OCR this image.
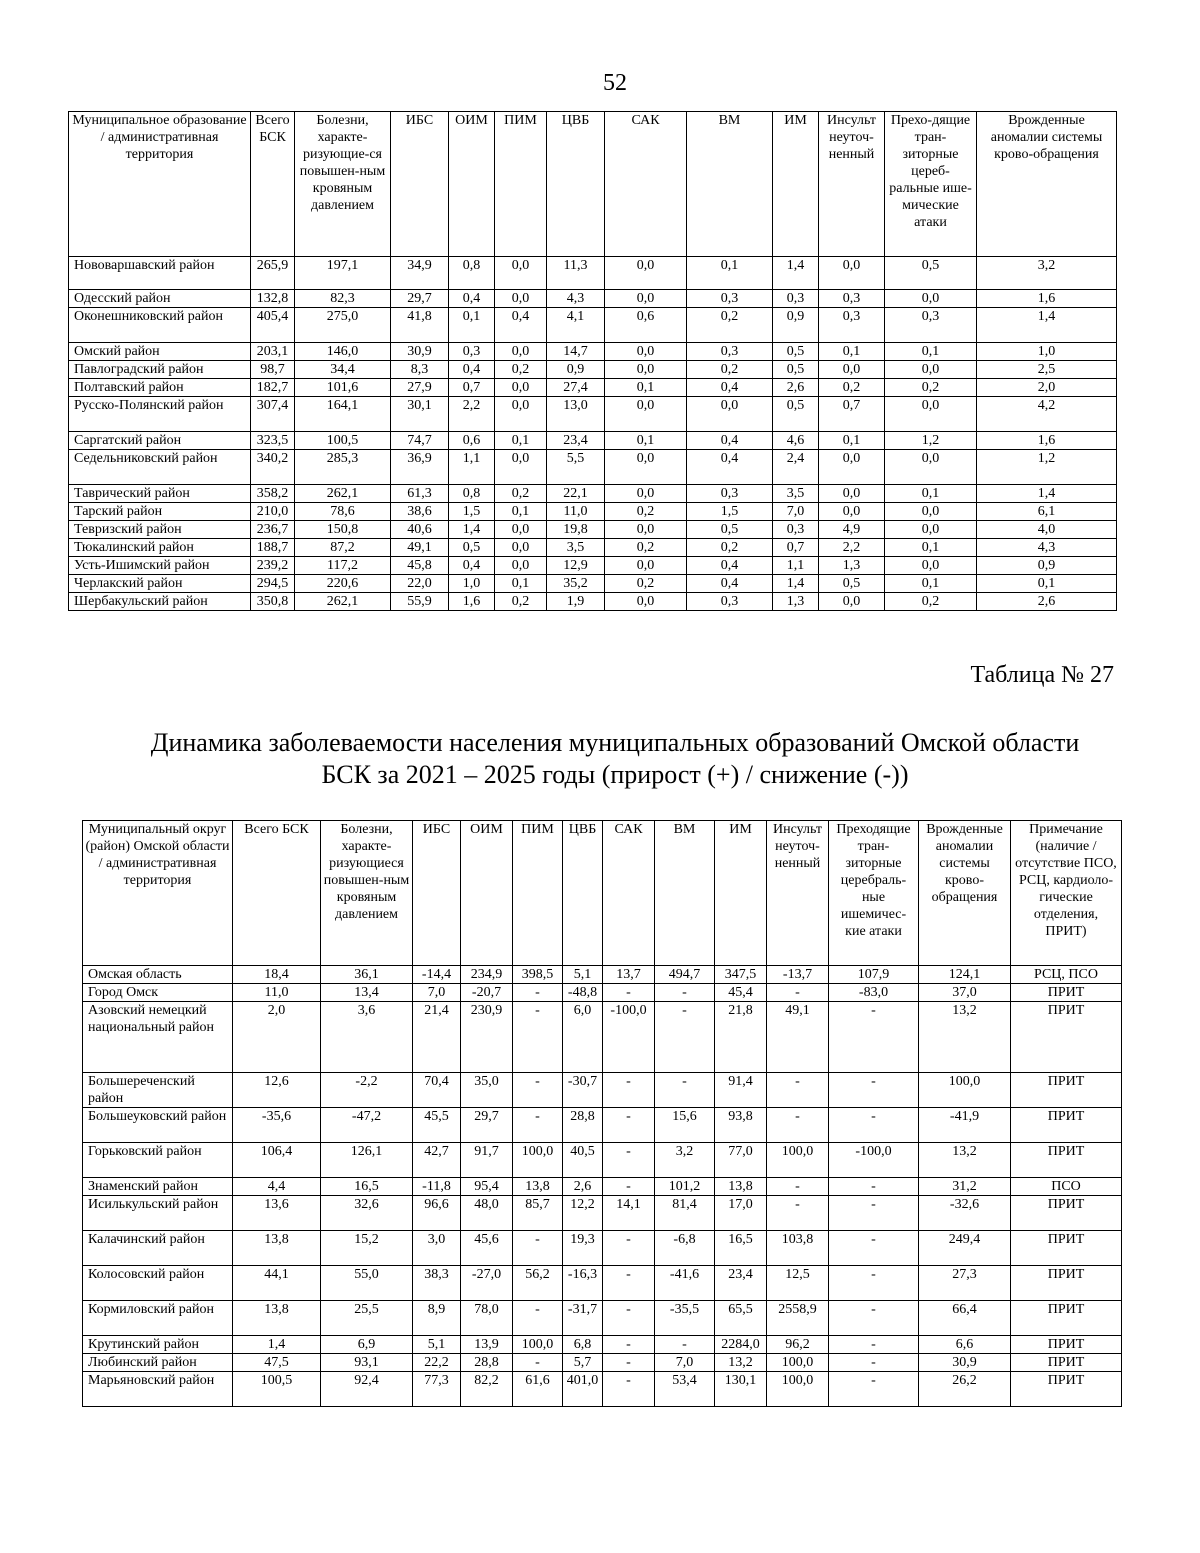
52
Муниципальное образование / административная территория	Всего БСК	Болезни, характе-ризующие-ся повышен-ным кровяным давлением	ИБС	ОИМ	ПИМ	ЦВБ	САК	ВМ	ИМ	Инсульт неуточ-ненный	Прехо-дящие тран-зиторные цереб-ральные ише-мические атаки	Врожденные аномалии системы крово-обращения
Нововаршавский район	265,9	197,1	34,9	0,8	0,0	11,3	0,0	0,1	1,4	0,0	0,5	3,2
Одесский район	132,8	82,3	29,7	0,4	0,0	4,3	0,0	0,3	0,3	0,3	0,0	1,6
Оконешниковский район	405,4	275,0	41,8	0,1	0,4	4,1	0,6	0,2	0,9	0,3	0,3	1,4
Омский район	203,1	146,0	30,9	0,3	0,0	14,7	0,0	0,3	0,5	0,1	0,1	1,0
Павлоградский район	98,7	34,4	8,3	0,4	0,2	0,9	0,0	0,2	0,5	0,0	0,0	2,5
Полтавский район	182,7	101,6	27,9	0,7	0,0	27,4	0,1	0,4	2,6	0,2	0,2	2,0
Русско-Полянский район	307,4	164,1	30,1	2,2	0,0	13,0	0,0	0,0	0,5	0,7	0,0	4,2
Саргатский район	323,5	100,5	74,7	0,6	0,1	23,4	0,1	0,4	4,6	0,1	1,2	1,6
Седельниковский район	340,2	285,3	36,9	1,1	0,0	5,5	0,0	0,4	2,4	0,0	0,0	1,2
Таврический район	358,2	262,1	61,3	0,8	0,2	22,1	0,0	0,3	3,5	0,0	0,1	1,4
Тарский район	210,0	78,6	38,6	1,5	0,1	11,0	0,2	1,5	7,0	0,0	0,0	6,1
Тевризский район	236,7	150,8	40,6	1,4	0,0	19,8	0,0	0,5	0,3	4,9	0,0	4,0
Тюкалинский район	188,7	87,2	49,1	0,5	0,0	3,5	0,2	0,2	0,7	2,2	0,1	4,3
Усть-Ишимский район	239,2	117,2	45,8	0,4	0,0	12,9	0,0	0,4	1,1	1,3	0,0	0,9
Черлакский район	294,5	220,6	22,0	1,0	0,1	35,2	0,2	0,4	1,4	0,5	0,1	0,1
Шербакульский район	350,8	262,1	55,9	1,6	0,2	1,9	0,0	0,3	1,3	0,0	0,2	2,6
Таблица № 27
Динамика заболеваемости населения муниципальных образований Омской области
БСК за 2021 – 2025 годы (прирост (+) / снижение (-))
Муниципальный округ (район) Омской области / административная территория	Всего БСК	Болезни, характе-ризующиеся повышен-ным кровяным давлением	ИБС	ОИМ	ПИМ	ЦВБ	САК	ВМ	ИМ	Инсульт неуточ-ненный	Преходящие тран-зиторные церебраль-ные ишемичес-кие атаки	Врожденные аномалии системы крово-обращения	Примечание (наличие / отсутствие ПСО, РСЦ, кардиоло-гические отделения, ПРИТ)
Омская область	18,4	36,1	-14,4	234,9	398,5	5,1	13,7	494,7	347,5	-13,7	107,9	124,1	РСЦ, ПСО
Город Омск	11,0	13,4	7,0	-20,7	-	-48,8	-	-	45,4	-	-83,0	37,0	ПРИТ
Азовский немецкий национальный район	2,0	3,6	21,4	230,9	-	6,0	-100,0	-	21,8	49,1	-	13,2	ПРИТ
Большереченский район	12,6	-2,2	70,4	35,0	-	-30,7	-	-	91,4	-	-	100,0	ПРИТ
Большеуковский район	-35,6	-47,2	45,5	29,7	-	28,8	-	15,6	93,8	-	-	-41,9	ПРИТ
Горьковский район	106,4	126,1	42,7	91,7	100,0	40,5	-	3,2	77,0	100,0	-100,0	13,2	ПРИТ
Знаменский район	4,4	16,5	-11,8	95,4	13,8	2,6	-	101,2	13,8	-	-	31,2	ПСО
Исилькульский район	13,6	32,6	96,6	48,0	85,7	12,2	14,1	81,4	17,0	-	-	-32,6	ПРИТ
Калачинский район	13,8	15,2	3,0	45,6	-	19,3	-	-6,8	16,5	103,8	-	249,4	ПРИТ
Колосовский район	44,1	55,0	38,3	-27,0	56,2	-16,3	-	-41,6	23,4	12,5	-	27,3	ПРИТ
Кормиловский район	13,8	25,5	8,9	78,0	-	-31,7	-	-35,5	65,5	2558,9	-	66,4	ПРИТ
Крутинский район	1,4	6,9	5,1	13,9	100,0	6,8	-	-	2284,0	96,2	-	6,6	ПРИТ
Любинский район	47,5	93,1	22,2	28,8	-	5,7	-	7,0	13,2	100,0	-	30,9	ПРИТ
Марьяновский район	100,5	92,4	77,3	82,2	61,6	401,0	-	53,4	130,1	100,0	-	26,2	ПРИТ
